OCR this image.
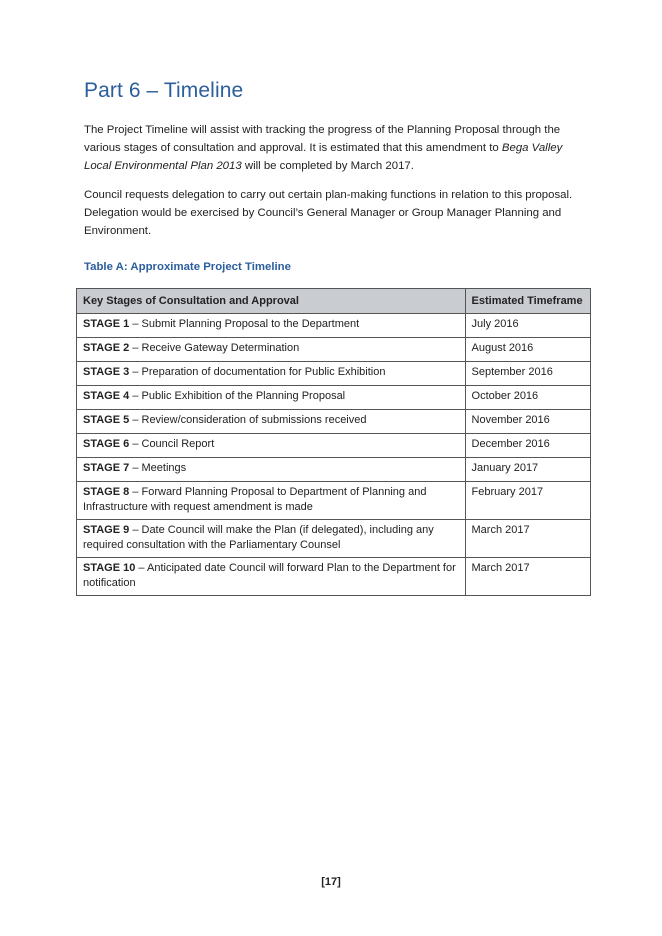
Part 6 – Timeline

The Project Timeline will assist with tracking the progress of the Planning Proposal through the various stages of consultation and approval. It is estimated that this amendment to Bega Valley Local Environmental Plan 2013 will be completed by March 2017.

Council requests delegation to carry out certain plan-making functions in relation to this proposal. Delegation would be exercised by Council’s General Manager or Group Manager Planning and Environment.

Table A: Approximate Project Timeline

Key Stages of Consultation and Approval	Estimated Timeframe
STAGE 1 – Submit Planning Proposal to the Department	July 2016
STAGE 2 – Receive Gateway Determination	August 2016
STAGE 3 – Preparation of documentation for Public Exhibition	September 2016
STAGE 4 – Public Exhibition of the Planning Proposal	October 2016
STAGE 5 – Review/consideration of submissions received	November 2016
STAGE 6 – Council Report	December 2016
STAGE 7 – Meetings	January 2017
STAGE 8 – Forward Planning Proposal to Department of Planning and Infrastructure with request amendment is made	February 2017
STAGE 9 – Date Council will make the Plan (if delegated), including any required consultation with the Parliamentary Counsel	March 2017
STAGE 10 – Anticipated date Council will forward Plan to the Department for notification	March 2017
[17]
